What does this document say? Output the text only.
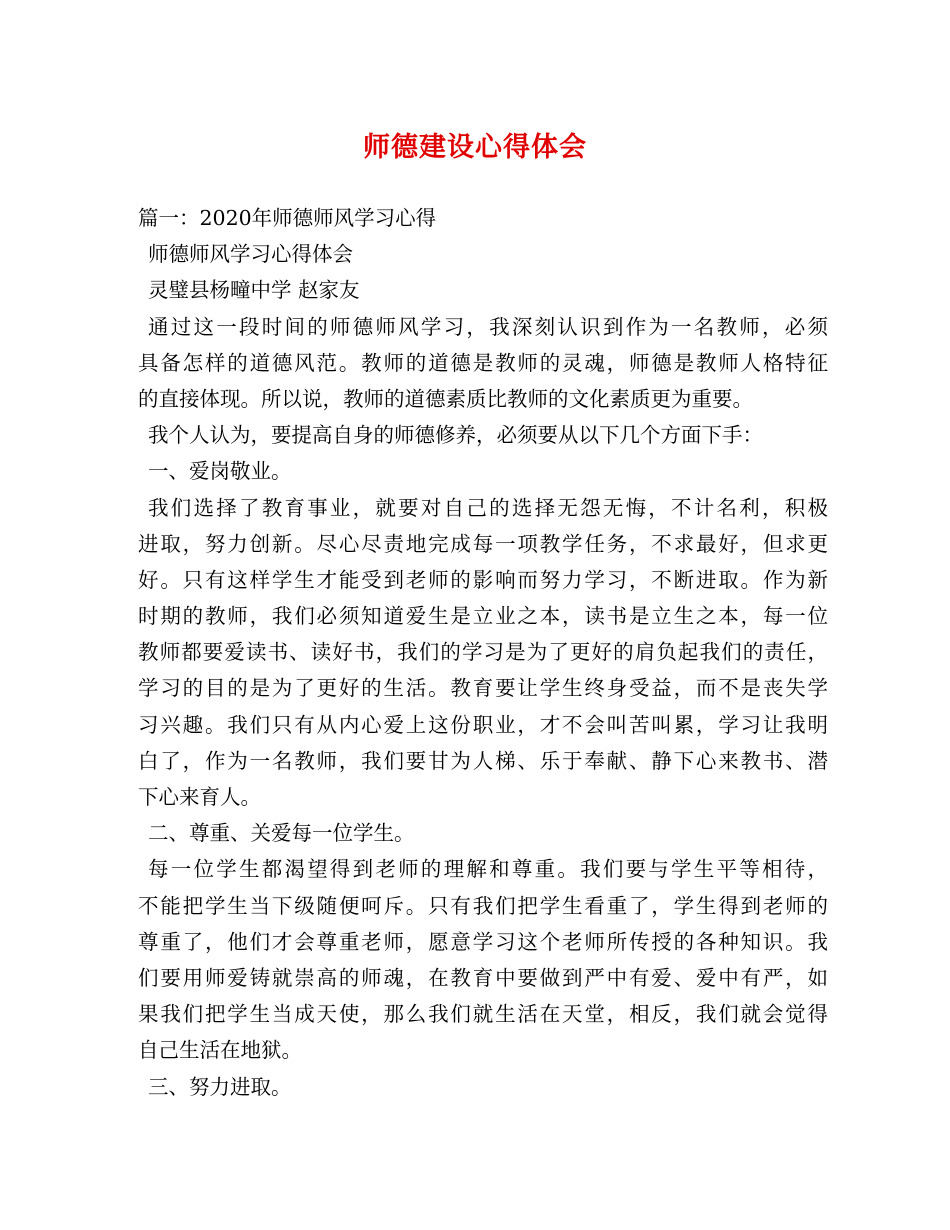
师德建设心得体会
篇一：2020年师德师风学习心得
师德师风学习心得体会
灵璧县杨疃中学 赵家友
通过这一段时间的师德师风学习，我深刻认识到作为一名教师，必须
具备怎样的道德风范。教师的道德是教师的灵魂，师德是教师人格特征
的直接体现。所以说，教师的道德素质比教师的文化素质更为重要。
我个人认为，要提高自身的师德修养，必须要从以下几个方面下手：
一、爱岗敬业。
我们选择了教育事业，就要对自己的选择无怨无悔，不计名利，积极
进取，努力创新。尽心尽责地完成每一项教学任务，不求最好，但求更
好。只有这样学生才能受到老师的影响而努力学习，不断进取。作为新
时期的教师，我们必须知道爱生是立业之本，读书是立生之本，每一位
教师都要爱读书、读好书，我们的学习是为了更好的肩负起我们的责任，
学习的目的是为了更好的生活。教育要让学生终身受益，而不是丧失学
习兴趣。我们只有从内心爱上这份职业，才不会叫苦叫累，学习让我明
白了，作为一名教师，我们要甘为人梯、乐于奉献、静下心来教书、潜
下心来育人。
二、尊重、关爱每一位学生。
每一位学生都渴望得到老师的理解和尊重。我们要与学生平等相待，
不能把学生当下级随便呵斥。只有我们把学生看重了，学生得到老师的
尊重了，他们才会尊重老师，愿意学习这个老师所传授的各种知识。我
们要用师爱铸就崇高的师魂，在教育中要做到严中有爱、爱中有严，如
果我们把学生当成天使，那么我们就生活在天堂，相反，我们就会觉得
自己生活在地狱。
三、努力进取。
